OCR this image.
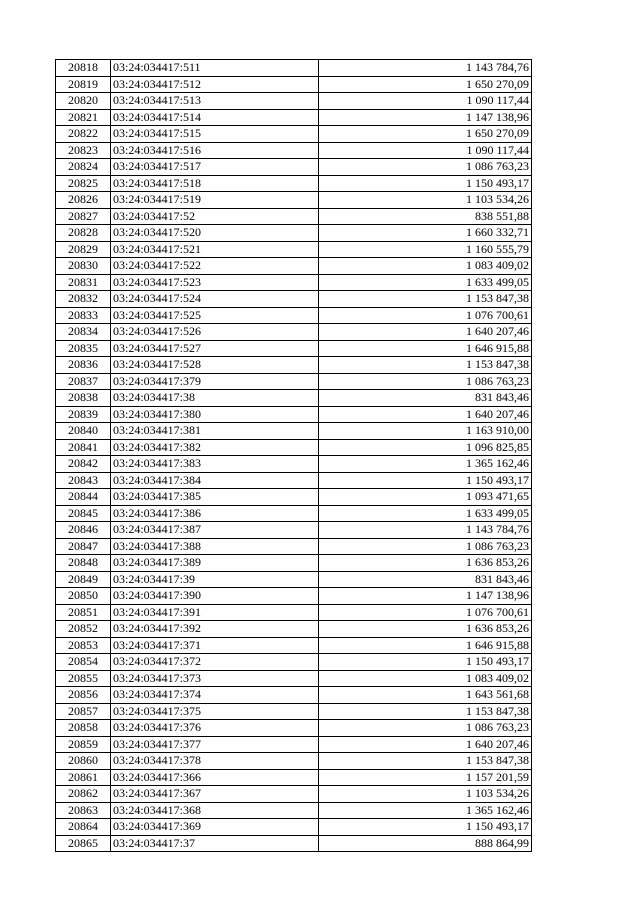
20818	03:24:034417:511	1 143 784,76
20819	03:24:034417:512	1 650 270,09
20820	03:24:034417:513	1 090 117,44
20821	03:24:034417:514	1 147 138,96
20822	03:24:034417:515	1 650 270,09
20823	03:24:034417:516	1 090 117,44
20824	03:24:034417:517	1 086 763,23
20825	03:24:034417:518	1 150 493,17
20826	03:24:034417:519	1 103 534,26
20827	03:24:034417:52	838 551,88
20828	03:24:034417:520	1 660 332,71
20829	03:24:034417:521	1 160 555,79
20830	03:24:034417:522	1 083 409,02
20831	03:24:034417:523	1 633 499,05
20832	03:24:034417:524	1 153 847,38
20833	03:24:034417:525	1 076 700,61
20834	03:24:034417:526	1 640 207,46
20835	03:24:034417:527	1 646 915,88
20836	03:24:034417:528	1 153 847,38
20837	03:24:034417:379	1 086 763,23
20838	03:24:034417:38	831 843,46
20839	03:24:034417:380	1 640 207,46
20840	03:24:034417:381	1 163 910,00
20841	03:24:034417:382	1 096 825,85
20842	03:24:034417:383	1 365 162,46
20843	03:24:034417:384	1 150 493,17
20844	03:24:034417:385	1 093 471,65
20845	03:24:034417:386	1 633 499,05
20846	03:24:034417:387	1 143 784,76
20847	03:24:034417:388	1 086 763,23
20848	03:24:034417:389	1 636 853,26
20849	03:24:034417:39	831 843,46
20850	03:24:034417:390	1 147 138,96
20851	03:24:034417:391	1 076 700,61
20852	03:24:034417:392	1 636 853,26
20853	03:24:034417:371	1 646 915,88
20854	03:24:034417:372	1 150 493,17
20855	03:24:034417:373	1 083 409,02
20856	03:24:034417:374	1 643 561,68
20857	03:24:034417:375	1 153 847,38
20858	03:24:034417:376	1 086 763,23
20859	03:24:034417:377	1 640 207,46
20860	03:24:034417:378	1 153 847,38
20861	03:24:034417:366	1 157 201,59
20862	03:24:034417:367	1 103 534,26
20863	03:24:034417:368	1 365 162,46
20864	03:24:034417:369	1 150 493,17
20865	03:24:034417:37	888 864,99
